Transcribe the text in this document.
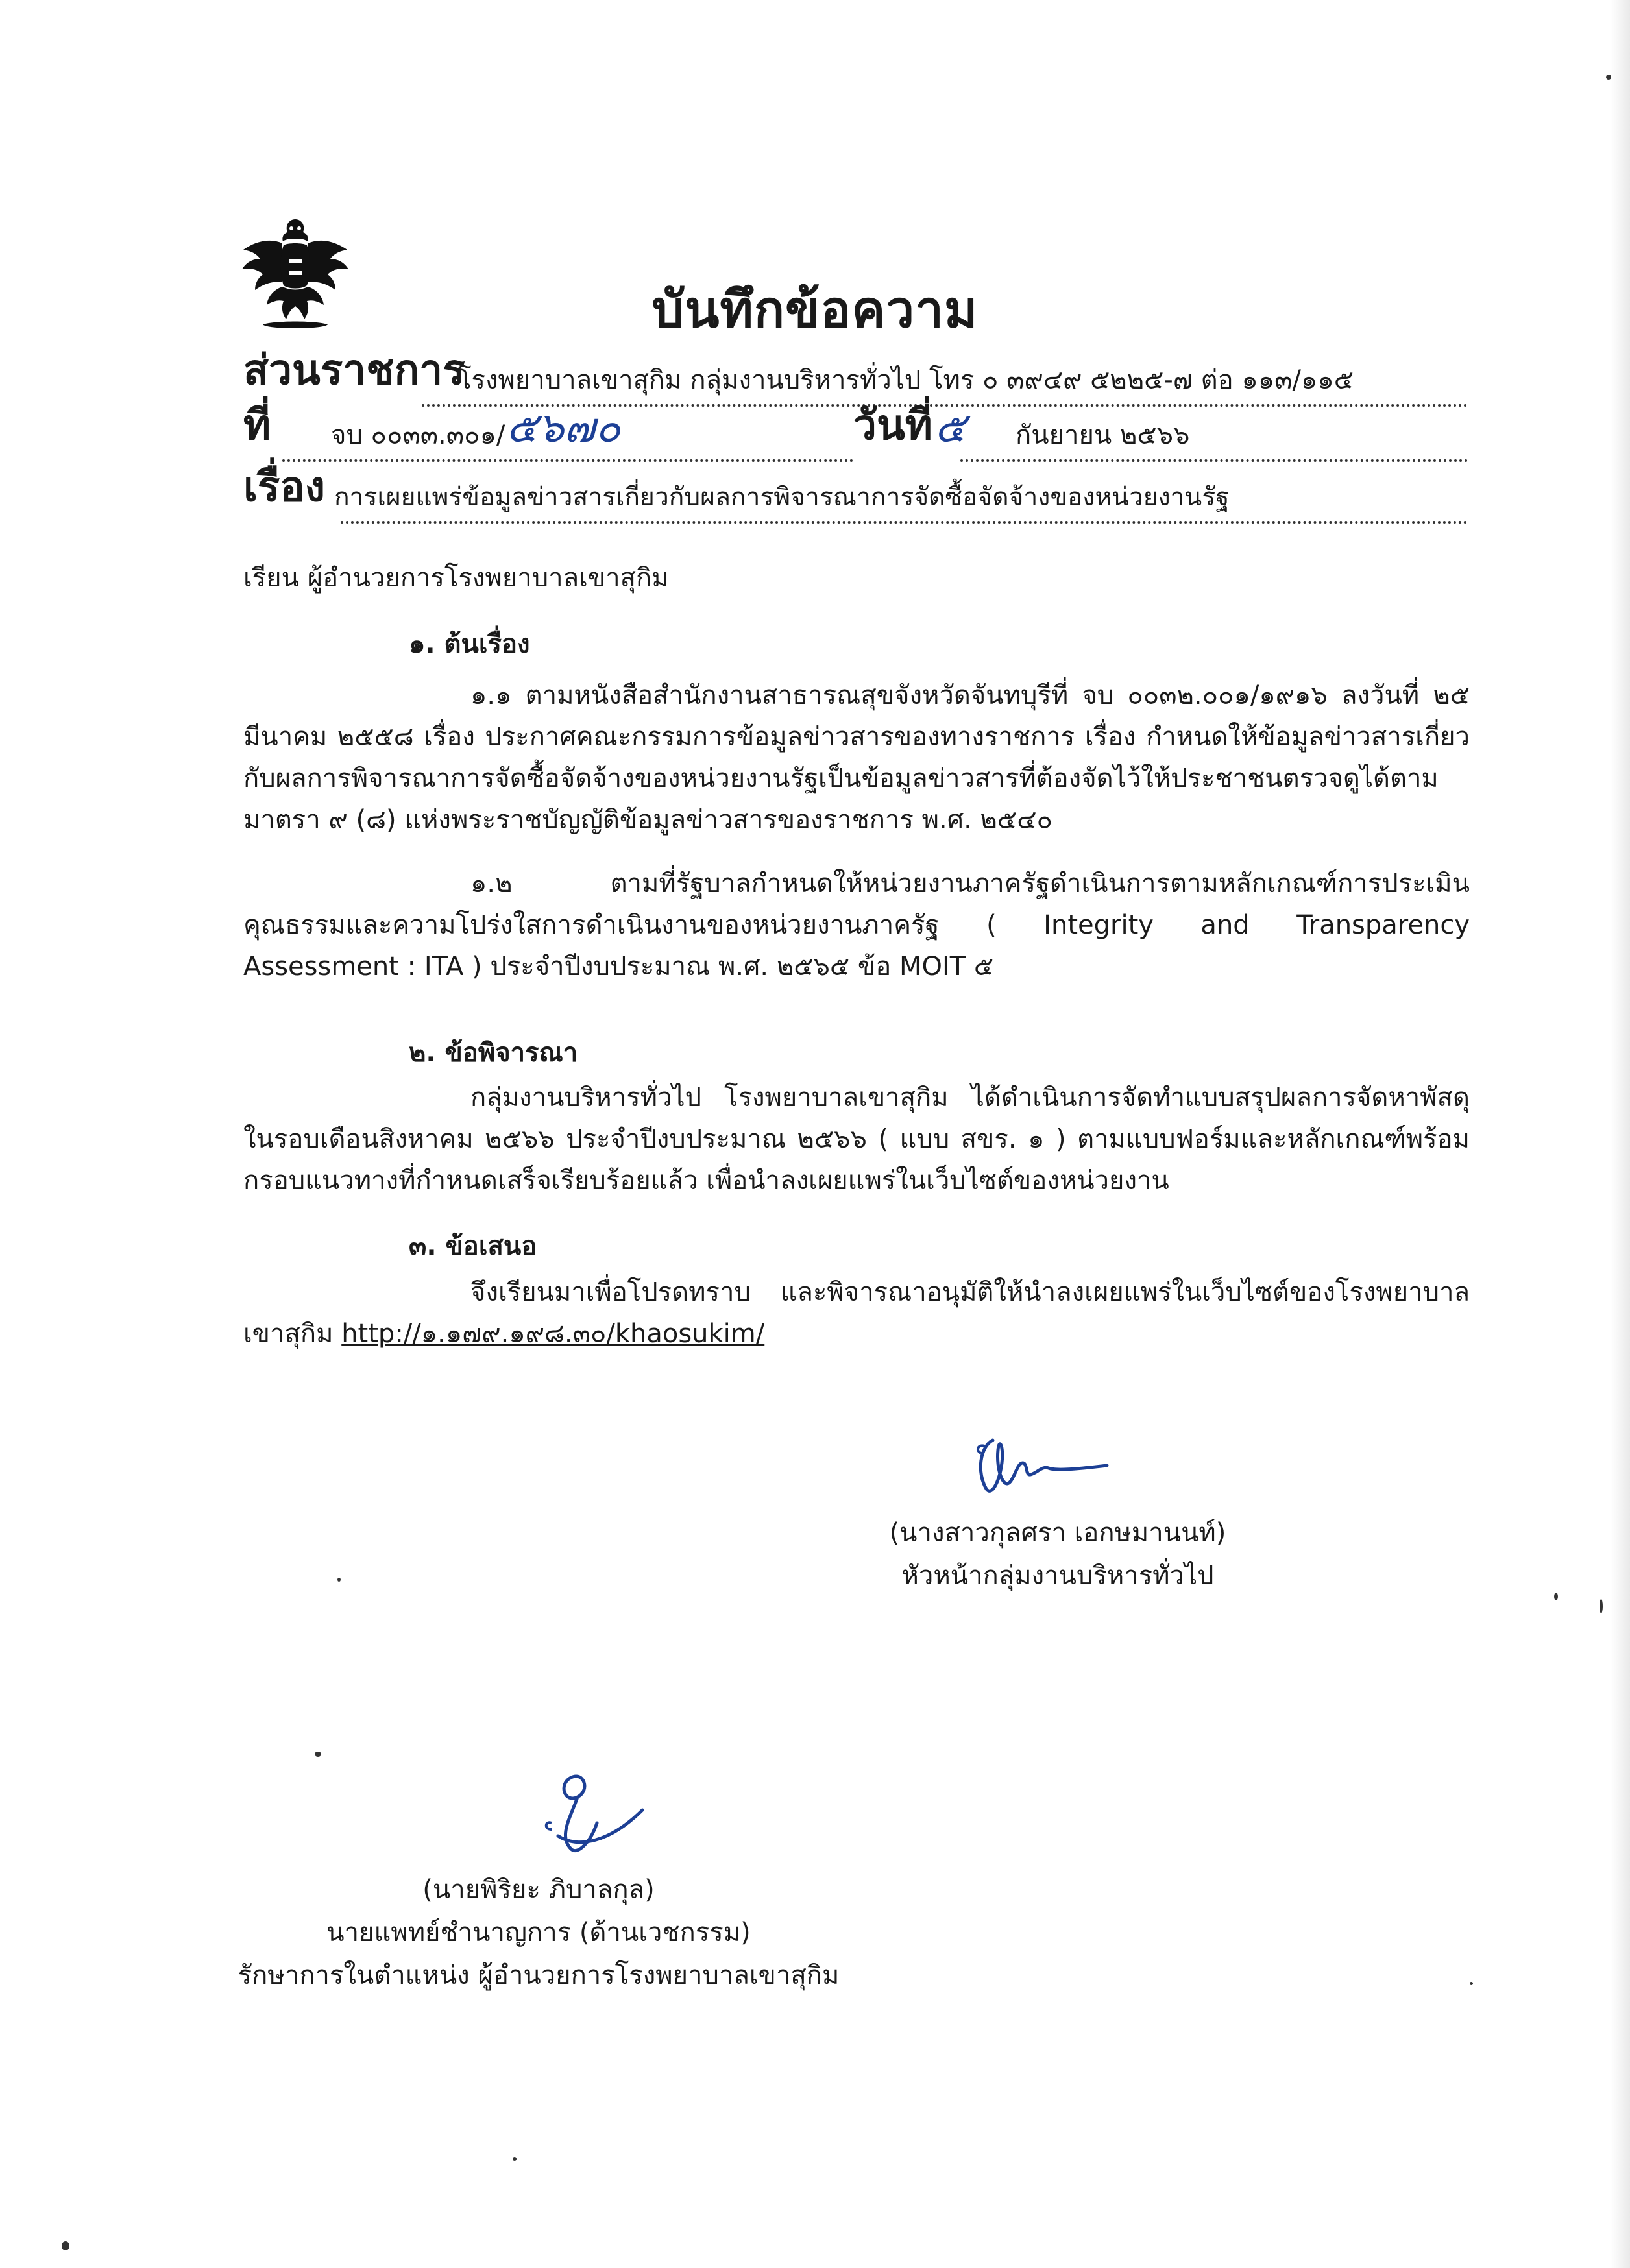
บันทึกข้อความ
ส่วนราชการ
โรงพยาบาลเขาสุกิม กลุ่มงานบริหารทั่วไป โทร ๐ ๓๙๔๙ ๕๒๒๕-๗ ต่อ ๑๑๓/๑๑๕
ที่ จบ ๐๐๓๓.๓๐๑/ ๕๖๗๐	วันที่ ๕ กันยายน ๒๕๖๖
เรื่อง การเผยแพร่ข้อมูลข่าวสารเกี่ยวกับผลการพิจารณาการจัดซื้อจัดจ้างของหน่วยงานรัฐ
เรียน ผู้อำนวยการโรงพยาบาลเขาสุกิม
๑. ต้นเรื่อง
๑.๑ ตามหนังสือสำนักงานสาธารณสุขจังหวัดจันทบุรีที่ จบ ๐๐๓๒.๐๐๑/๑๙๑๖ ลงวันที่ ๒๕ มีนาคม ๒๕๕๘ เรื่อง ประกาศคณะกรรมการข้อมูลข่าวสารของทางราชการ เรื่อง กำหนดให้ข้อมูลข่าวสารเกี่ยวกับผลการพิจารณาการจัดซื้อจัดจ้างของหน่วยงานรัฐเป็นข้อมูลข่าวสารที่ต้องจัดไว้ให้ประชาชนตรวจดูได้ตามมาตรา ๙ (๘) แห่งพระราชบัญญัติข้อมูลข่าวสารของราชการ พ.ศ. ๒๕๔๐
๑.๒ ตามที่รัฐบาลกำหนดให้หน่วยงานภาครัฐดำเนินการตามหลักเกณฑ์การประเมินคุณธรรมและความโปร่งใสการดำเนินงานของหน่วยงานภาครัฐ ( Integrity and Transparency Assessment : ITA ) ประจำปีงบประมาณ พ.ศ. ๒๕๖๕ ข้อ MOIT ๕
๒. ข้อพิจารณา
กลุ่มงานบริหารทั่วไป โรงพยาบาลเขาสุกิม ได้ดำเนินการจัดทำแบบสรุปผลการจัดหาพัสดุในรอบเดือนสิงหาคม ๒๕๖๖ ประจำปีงบประมาณ ๒๕๖๖ ( แบบ สขร. ๑ ) ตามแบบฟอร์มและหลักเกณฑ์พร้อมกรอบแนวทางที่กำหนดเสร็จเรียบร้อยแล้ว เพื่อนำลงเผยแพร่ในเว็บไซต์ของหน่วยงาน
๓. ข้อเสนอ
จึงเรียนมาเพื่อโปรดทราบ และพิจารณาอนุมัติให้นำลงเผยแพร่ในเว็บไซต์ของโรงพยาบาลเขาสุกิม http://๑.๑๗๙.๑๙๘.๓๐/khaosukim/
(นางสาวกุลศรา เอกษมานนท์)
หัวหน้ากลุ่มงานบริหารทั่วไป
(นายพิริยะ ภิบาลกุล)
นายแพทย์ชำนาญการ (ด้านเวชกรรม)
รักษาการในตำแหน่ง ผู้อำนวยการโรงพยาบาลเขาสุกิม
